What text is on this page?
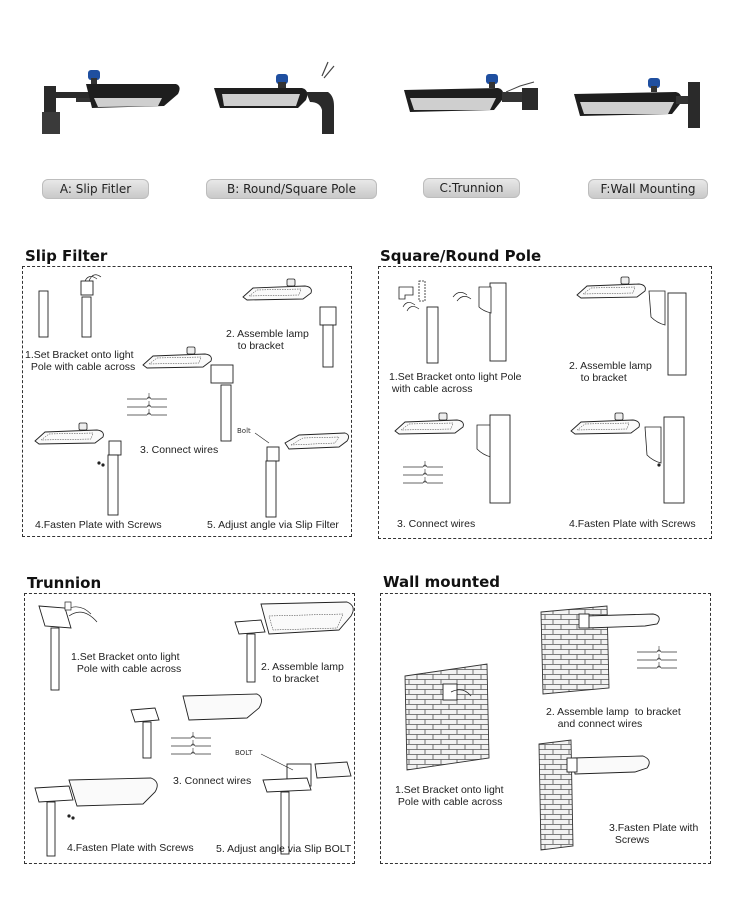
A: Slip Fitler	B: Round/Square Pole	C:Trunnion	F:Wall Mounting
Slip Filter
Bolt
1.Set Bracket onto light
Pole with cable across
2. Assemble lamp
to bracket
3. Connect wires
4.Fasten Plate with Screws	5. Adjust angle via Slip Filter
Square/Round Pole
1.Set Bracket onto light Pole
with cable across
2. Assemble lamp
to bracket
3. Connect wires	4.Fasten Plate with Screws
Trunnion
BOLT
1.Set Bracket onto light
Pole with cable across	2. Assemble lamp
to bracket
3. Connect wires
4.Fasten Plate with Screws 5. Adjust angle via Slip BOLT
Wall mounted
1.Set Bracket onto light
Pole with cable across
2. Assemble lamp  to bracket
and connect wires
3.Fasten Plate with
Screws
